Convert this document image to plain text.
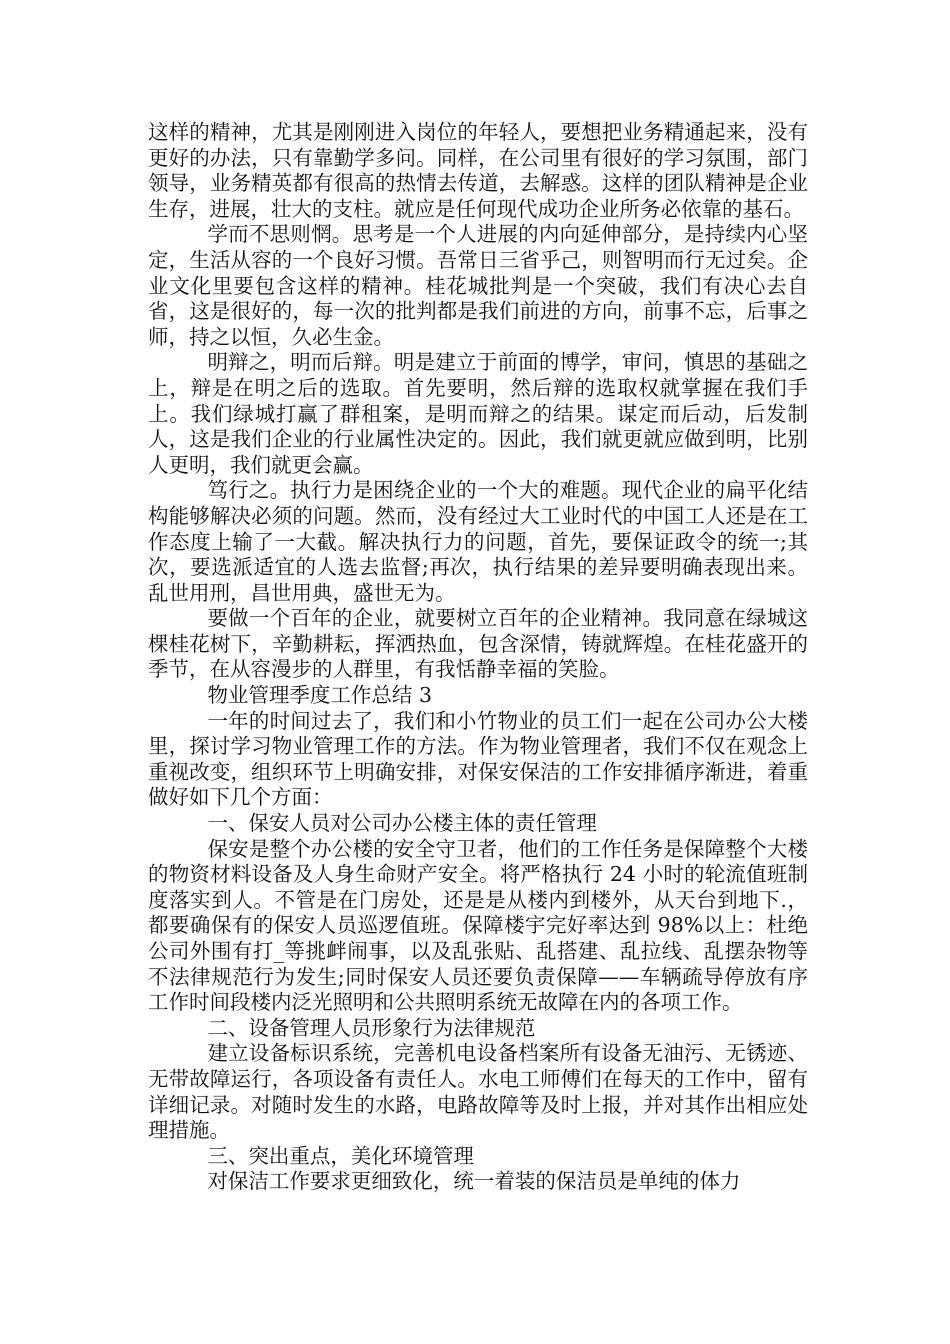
这样的精神，尤其是刚刚进入岗位的年轻人，要想把业务精通起来，没有更好的办法，只有靠勤学多问。同样，在公司里有很好的学习氛围，部门领导，业务精英都有很高的热情去传道，去解惑。这样的团队精神是企业生存，进展，壮大的支柱。就应是任何现代成功企业所务必依靠的基石。

学而不思则惘。思考是一个人进展的内向延伸部分，是持续内心坚定，生活从容的一个良好习惯。吾常日三省乎己，则智明而行无过矣。企业文化里要包含这样的精神。桂花城批判是一个突破，我们有决心去自省，这是很好的，每一次的批判都是我们前进的方向，前事不忘，后事之师，持之以恒，久必生金。

明辩之，明而后辩。明是建立于前面的博学，审问，慎思的基础之上，辩是在明之后的选取。首先要明，然后辩的选取权就掌握在我们手上。我们绿城打赢了群租案，是明而辩之的结果。谋定而后动，后发制人，这是我们企业的行业属性决定的。因此，我们就更就应做到明，比别人更明，我们就更会赢。

笃行之。执行力是困绕企业的一个大的难题。现代企业的扁平化结构能够解决必须的问题。然而，没有经过大工业时代的中国工人还是在工作态度上输了一大截。解决执行力的问题，首先，要保证政令的统一;其次，要选派适宜的人选去监督;再次，执行结果的差异要明确表现出来。乱世用刑，昌世用典，盛世无为。

要做一个百年的企业，就要树立百年的企业精神。我同意在绿城这棵桂花树下，辛勤耕耘，挥洒热血，包含深情，铸就辉煌。在桂花盛开的季节，在从容漫步的人群里，有我恬静幸福的笑脸。

物业管理季度工作总结 3

一年的时间过去了，我们和小竹物业的员工们一起在公司办公大楼里，探讨学习物业管理工作的方法。作为物业管理者，我们不仅在观念上重视改变，组织环节上明确安排，对保安保洁的工作安排循序渐进，着重做好如下几个方面：

一、保安人员对公司办公楼主体的责任管理

保安是整个办公楼的安全守卫者，他们的工作任务是保障整个大楼的物资材料设备及人身生命财产安全。将严格执行 24 小时的轮流值班制度落实到人。不管是在门房处，还是是从楼内到楼外，从天台到地下.，都要确保有的保安人员巡逻值班。保障楼宇完好率达到 98%以上：杜绝公司外围有打_等挑衅闹事，以及乱张贴、乱搭建、乱拉线、乱摆杂物等不法律规范行为发生;同时保安人员还要负责保障——车辆疏导停放有序工作时间段楼内泛光照明和公共照明系统无故障在内的各项工作。

二、设备管理人员形象行为法律规范

建立设备标识系统，完善机电设备档案所有设备无油污、无锈迹、无带故障运行，各项设备有责任人。水电工师傅们在每天的工作中，留有详细记录。对随时发生的水路，电路故障等及时上报，并对其作出相应处理措施。

三、突出重点，美化环境管理

对保洁工作要求更细致化，统一着装的保洁员是单纯的体力
